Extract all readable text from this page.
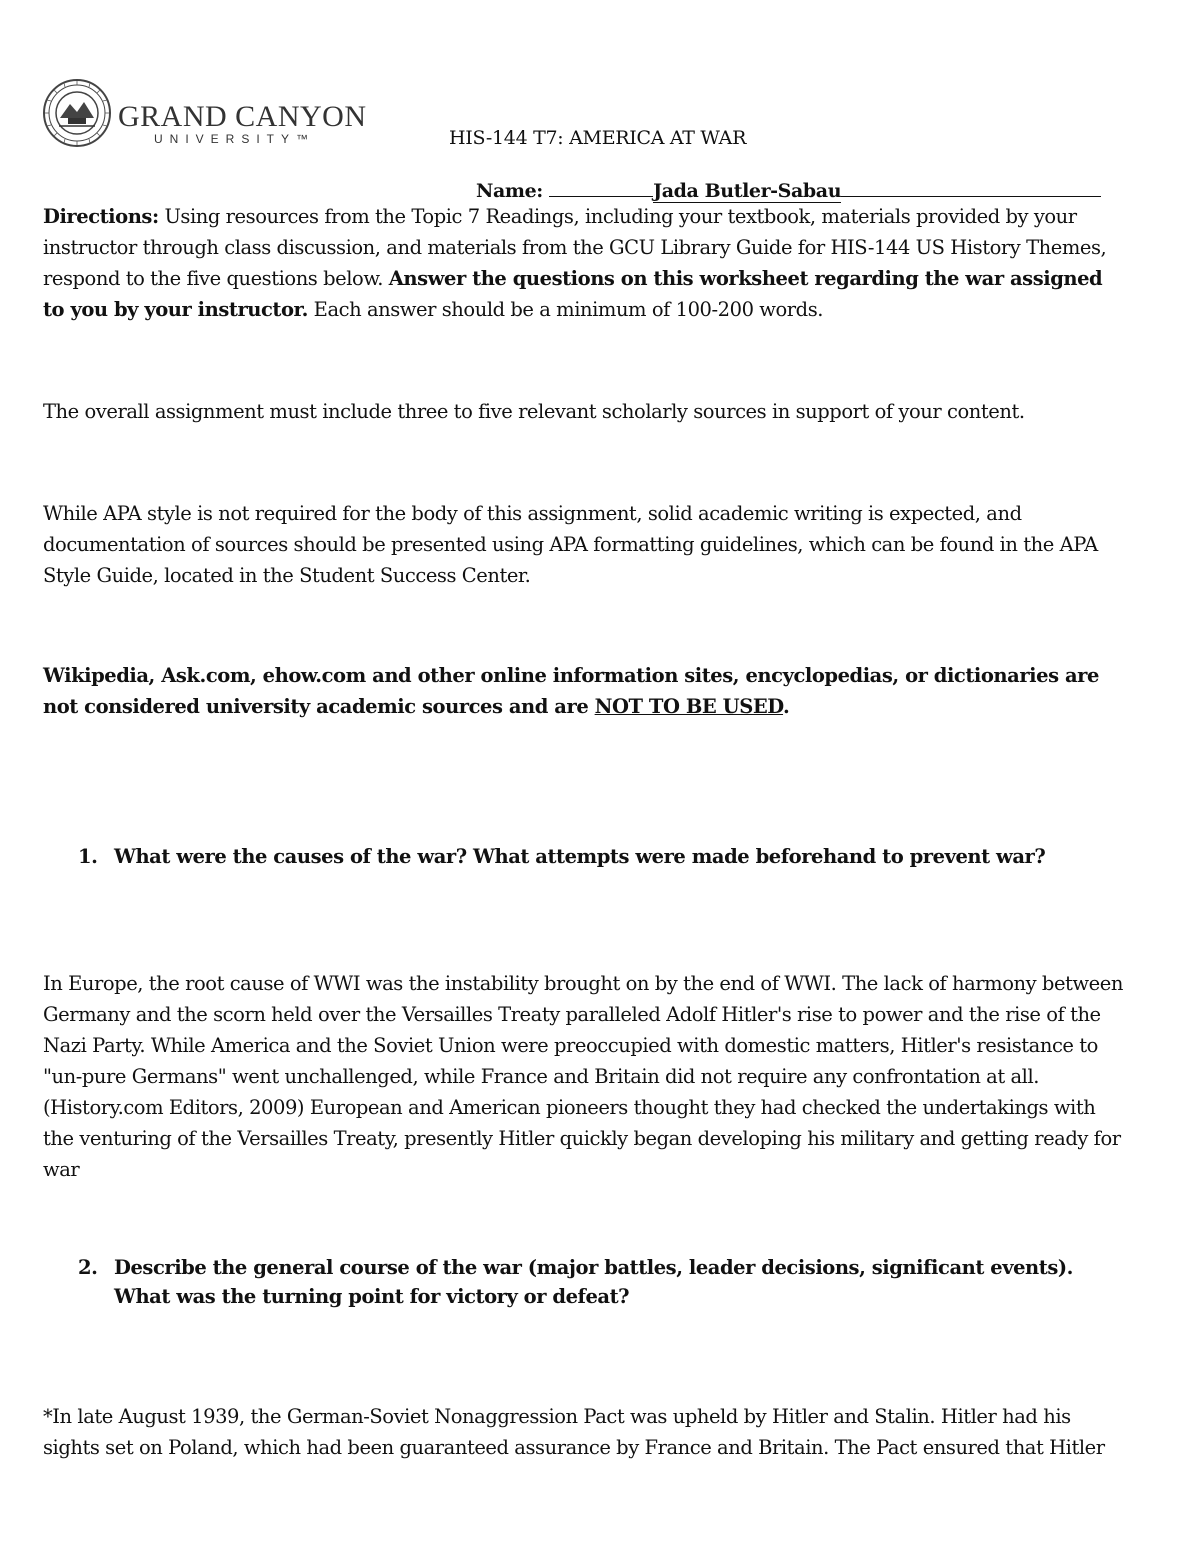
GRAND CANYON
UNIVERSITY™	HIS-144 T7: AMERICA AT WAR
Name:	Jada Butler-Sabau
Directions: Using resources from the Topic 7 Readings, including your textbook, materials provided by your instructor through class discussion, and materials from the GCU Library Guide for HIS-144 US History Themes, respond to the five questions below. Answer the questions on this worksheet regarding the war assigned to you by your instructor. Each answer should be a minimum of 100-200 words.
The overall assignment must include three to five relevant scholarly sources in support of your content.
While APA style is not required for the body of this assignment, solid academic writing is expected, and documentation of sources should be presented using APA formatting guidelines, which can be found in the APA Style Guide, located in the Student Success Center.
Wikipedia, Ask.com, ehow.com and other online information sites, encyclopedias, or dictionaries are not considered university academic sources and are NOT TO BE USED.
1. What were the causes of the war? What attempts were made beforehand to prevent war?
In Europe, the root cause of WWI was the instability brought on by the end of WWI. The lack of harmony between Germany and the scorn held over the Versailles Treaty paralleled Adolf Hitler's rise to power and the rise of the Nazi Party. While America and the Soviet Union were preoccupied with domestic matters, Hitler's resistance to "un-pure Germans" went unchallenged, while France and Britain did not require any confrontation at all.(History.com Editors, 2009) European and American pioneers thought they had checked the undertakings with the venturing of the Versailles Treaty, presently Hitler quickly began developing his military and getting ready for war
2. Describe the general course of the war (major battles, leader decisions, significant events). What was the turning point for victory or defeat?
*In late August 1939, the German-Soviet Nonaggression Pact was upheld by Hitler and Stalin. Hitler had his sights set on Poland, which had been guaranteed assurance by France and Britain. The Pact ensured that Hitler
